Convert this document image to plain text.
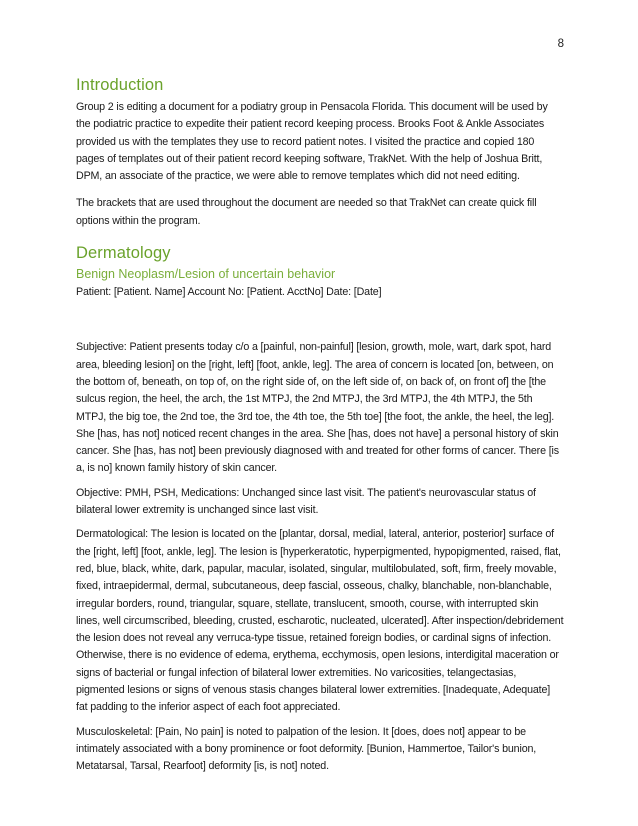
8
Introduction

Group 2 is editing a document for a podiatry group in Pensacola Florida. This document will be used by the podiatric practice to expedite their patient record keeping process. Brooks Foot & Ankle Associates provided us with the templates they use to record patient notes. I visited the practice and copied 180 pages of templates out of their patient record keeping software, TrakNet. With the help of Joshua Britt, DPM, an associate of the practice, we were able to remove templates which did not need editing.

The brackets that are used throughout the document are needed so that TrakNet can create quick fill options within the program.

Dermatology
Benign Neoplasm/Lesion of uncertain behavior

Patient: [Patient. Name] Account No: [Patient. AcctNo] Date: [Date]

Subjective: Patient presents today c/o a [painful, non-painful] [lesion, growth, mole, wart, dark spot, hard area, bleeding lesion] on the [right, left] [foot, ankle, leg]. The area of concern is located [on, between, on the bottom of, beneath, on top of, on the right side of, on the left side of, on back of, on front of] the [the sulcus region, the heel, the arch, the 1st MTPJ, the 2nd MTPJ, the 3rd MTPJ, the 4th MTPJ, the 5th MTPJ, the big toe, the 2nd toe, the 3rd toe, the 4th toe, the 5th toe] [the foot, the ankle, the heel, the leg]. She [has, has not] noticed recent changes in the area. She [has, does not have] a personal history of skin cancer. She [has, has not] been previously diagnosed with and treated for other forms of cancer. There [is a, is no] known family history of skin cancer.

Objective: PMH, PSH, Medications: Unchanged since last visit. The patient's neurovascular status of bilateral lower extremity is unchanged since last visit.

Dermatological: The lesion is located on the [plantar, dorsal, medial, lateral, anterior, posterior] surface of the [right, left] [foot, ankle, leg]. The lesion is [hyperkeratotic, hyperpigmented, hypopigmented, raised, flat, red, blue, black, white, dark, papular, macular, isolated, singular, multilobulated, soft, firm, freely movable, fixed, intraepidermal, dermal, subcutaneous, deep fascial, osseous, chalky, blanchable, non-blanchable, irregular borders, round, triangular, square, stellate, translucent, smooth, course, with interrupted skin lines, well circumscribed, bleeding, crusted, escharotic, nucleated, ulcerated]. After inspection/debridement the lesion does not reveal any verruca-type tissue, retained foreign bodies, or cardinal signs of infection. Otherwise, there is no evidence of edema, erythema, ecchymosis, open lesions, interdigital maceration or signs of bacterial or fungal infection of bilateral lower extremities. No varicosities, telangectasias, pigmented lesions or signs of venous stasis changes bilateral lower extremities. [Inadequate, Adequate] fat padding to the inferior aspect of each foot appreciated.

Musculoskeletal: [Pain, No pain] is noted to palpation of the lesion. It [does, does not] appear to be intimately associated with a bony prominence or foot deformity. [Bunion, Hammertoe, Tailor's bunion, Metatarsal, Tarsal, Rearfoot] deformity [is, is not] noted.
